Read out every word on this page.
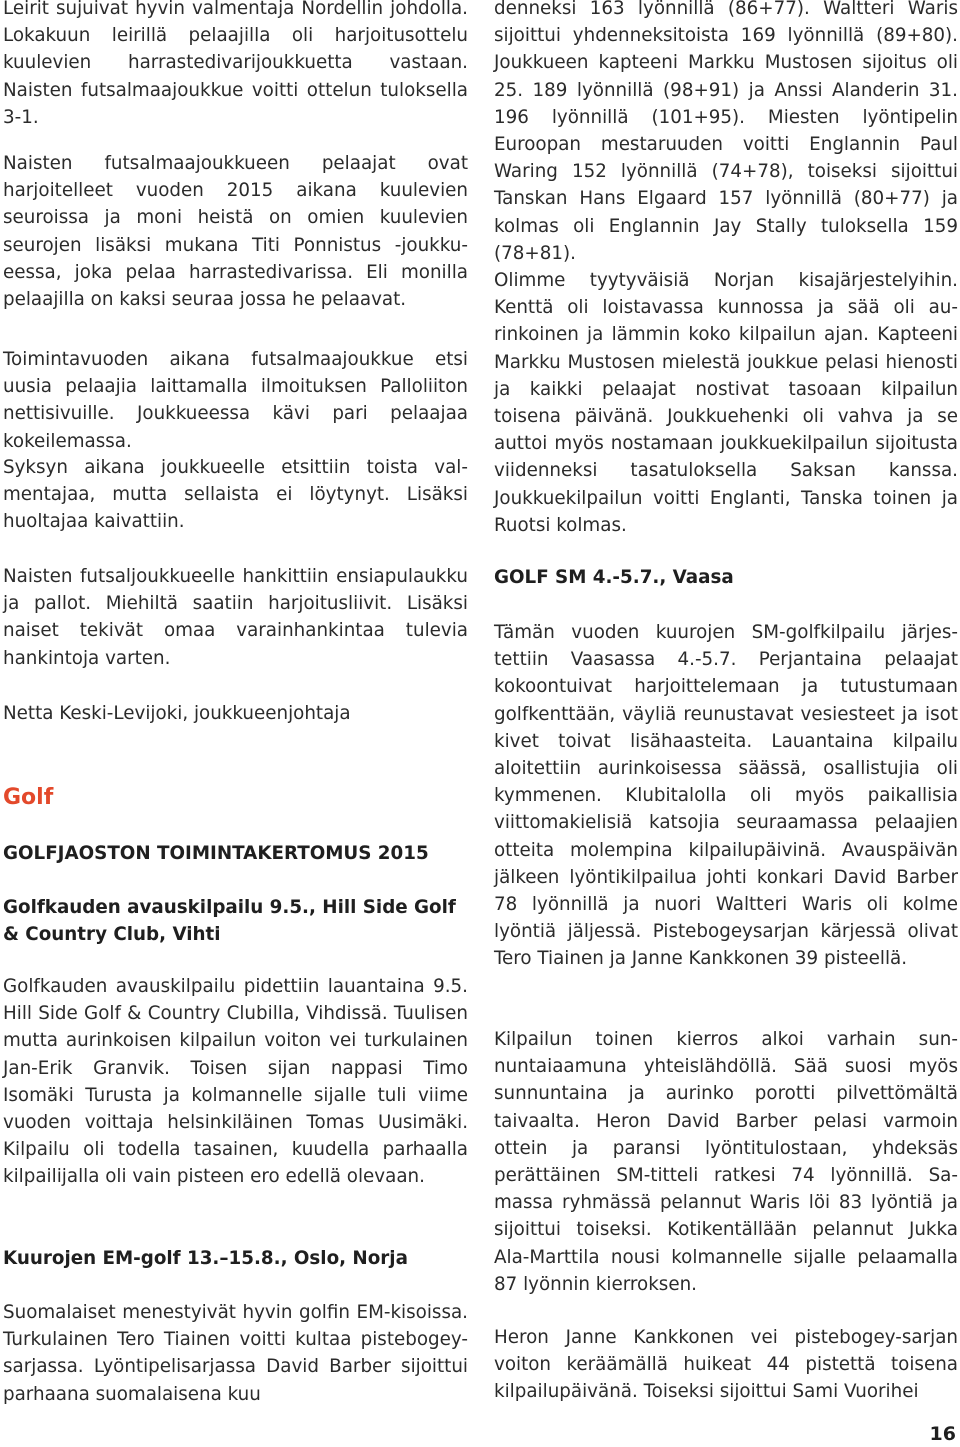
Leirit sujuivat hyvin valmentaja Nordellin johdolla. Lokakuun leirillä pelaajilla oli harjoitusottelu kuulevien harrastedivarijoukkuetta vastaan. Naisten futsalmaajoukkue voitti ottelun tuloksella 3-1.

Naisten futsalmaajoukkueen pelaajat ovat harjoitelleet vuoden 2015 aikana kuulevien seuroissa ja moni heistä on omien kuulevien seurojen lisäksi mukana Titi Ponnistus -joukkueessa, joka pelaa harrastedivarissa. Eli monilla pelaajilla on kaksi seuraa jossa he pelaavat.

Toimintavuoden aikana futsalmaajoukkue etsi uusia pelaajia laittamalla ilmoituksen Palloliiton nettisivuille. Joukkueessa kävi pari pelaajaa kokeilemassa.

Syksyn aikana joukkueelle etsittiin toista valmentajaa, mutta sellaista ei löytynyt. Lisäksi huoltajaa kaivattiin.

Naisten futsaljoukkueelle hankittiin ensiapulaukku ja pallot. Miehiltä saatiin harjoitusliivit. Lisäksi naiset tekivät omaa varainhankintaa tulevia hankintoja varten.

Netta Keski-Levijoki, joukkueenjohtaja

Golf

GOLFJAOSTON TOIMINTAKERTOMUS 2015

Golfkauden avauskilpailu 9.5., Hill Side Golf & Country Club, Vihti

Golfkauden avauskilpailu pidettiin lauantaina 9.5. Hill Side Golf & Country Clubilla, Vihdissä. Tuulisen mutta aurinkoisen kilpailun voiton vei turkulainen Jan-Erik Granvik. Toisen sijan nappasi Timo Isomäki Turusta ja kolmannelle sijalle tuli viime vuoden voittaja helsinkiläinen Tomas Uusimäki. Kilpailu oli todella tasainen, kuudella parhaalla kilpailijalla oli vain pisteen ero edellä olevaan.

Kuurojen EM-golf 13.–15.8., Oslo, Norja

Suomalaiset menestyivät hyvin golfin EM-kisoissa. Turkulainen Tero Tiainen voitti kultaa pistebogey-sarjassa. Lyöntipelisarjassa David Barber sijoittui parhaana suomalaisena kuu

denneksi 163 lyönnillä (86+77). Waltteri Waris sijoittui yhdenneksitoista 169 lyönnillä (89+80). Joukkueen kapteeni Markku Mustosen sijoitus oli 25. 189 lyönnillä (98+91) ja Anssi Alanderin 31. 196 lyönnillä (101+95). Miesten lyöntipelin Euroopan mestaruuden voitti Englannin Paul Waring 152 lyönnillä (74+78), toiseksi sijoittui Tanskan Hans Elgaard 157 lyönnillä (80+77) ja kolmas oli Englannin Jay Stally tuloksella 159 (78+81).

Olimme tyytyväisiä Norjan kisajärjestelyihin. Kenttä oli loistavassa kunnossa ja sää oli aurinkoinen ja lämmin koko kilpailun ajan. Kapteeni Markku Mustosen mielestä joukkue pelasi hienosti ja kaikki pelaajat nostivat tasoaan kilpailun toisena päivänä. Joukkuehenki oli vahva ja se auttoi myös nostamaan joukkuekilpailun sijoitusta viidenneksi tasatuloksella Saksan kanssa. Joukkuekilpailun voitti Englanti, Tanska toinen ja Ruotsi kolmas.

GOLF SM 4.-5.7., Vaasa

Tämän vuoden kuurojen SM-golfkilpailu järjestettiin Vaasassa 4.-5.7. Perjantaina pelaajat kokoontuivat harjoittelemaan ja tutustumaan golfkenttään, väyliä reunustavat vesiesteet ja isot kivet toivat lisähaasteita. Lauantaina kilpailu aloitettiin aurinkoisessa säässä, osallistujia oli kymmenen. Klubitalolla oli myös paikallisia viittomakielisiä katsojia seuraamassa pelaajien otteita molempina kilpailupäivinä. Avauspäivän jälkeen lyöntikilpailua johti konkari David Barber 78 lyönnillä ja nuori Waltteri Waris oli kolme lyöntiä jäljessä. Pistebogeysarjan kärjessä olivat Tero Tiainen ja Janne Kankkonen 39 pisteellä.

Kilpailun toinen kierros alkoi varhain sunnuntaiaamuna yhteislähdöllä. Sää suosi myös sunnuntaina ja aurinko porotti pilvettömältä taivaalta. Heron David Barber pelasi varmoin ottein ja paransi lyöntitulostaan, yhdeksäs perättäinen SM-titteli ratkesi 74 lyönnillä. Samassa ryhmässä pelannut Waris löi 83 lyöntiä ja sijoittui toiseksi. Kotikentällään pelannut Jukka Ala-Marttila nousi kolmannelle sijalle pelaamalla 87 lyönnin kierroksen.

Heron Janne Kankkonen vei pistebogey-sarjan voiton keräämällä huikeat 44 pistettä toisena kilpailupäivänä. Toiseksi sijoittui Sami Vuorihei

16
